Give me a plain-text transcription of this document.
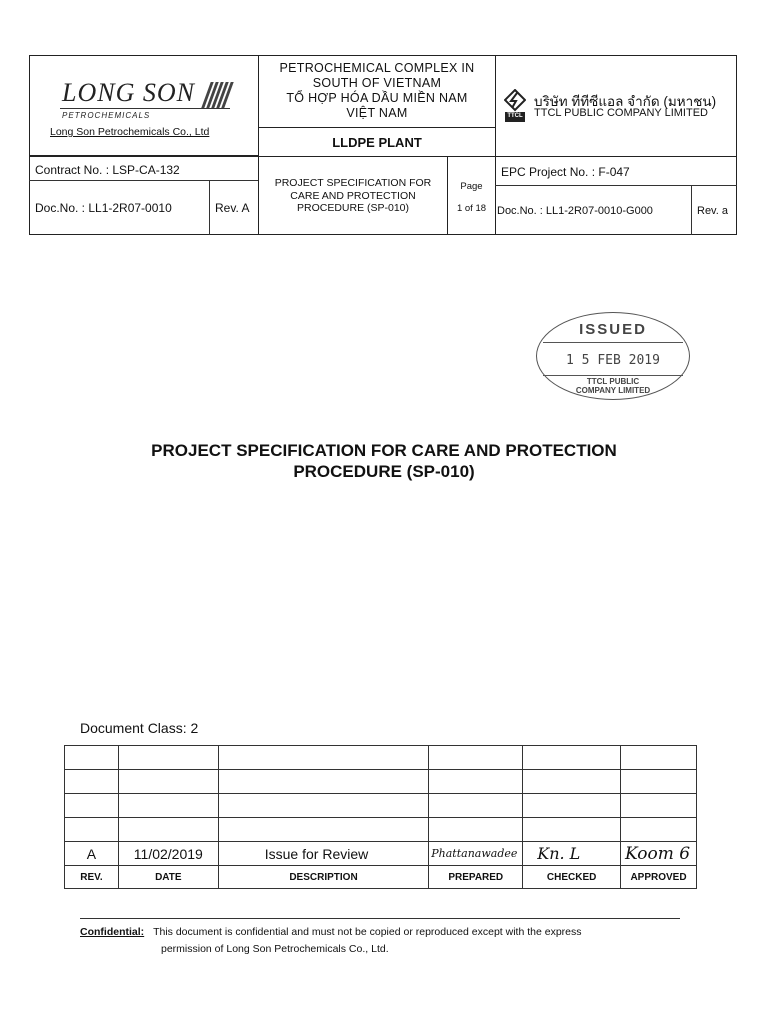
LONG SON
PETROCHEMICALS
Long Son Petrochemicals Co., Ltd
PETROCHEMICAL COMPLEX IN
SOUTH OF VIETNAM
TỔ HỢP HÓA DẦU MIỀN NAM
VIỆT NAM
LLDPE PLANT
TTCL
บริษัท ทีทีซีแอล จำกัด (มหาชน)
TTCL PUBLIC COMPANY LIMITED
Contract No. : LSP-CA-132
Doc.No. : LL1-2R07-0010	Rev. A
PROJECT SPECIFICATION FOR
CARE AND PROTECTION
PROCEDURE (SP-010)
Page
1 of 18
EPC Project No. : F-047
Doc.No. : LL1-2R07-0010-G000	Rev. a
ISSUED
1 5 FEB 2019
TTCL PUBLIC
COMPANY LIMITED
PROJECT SPECIFICATION FOR CARE AND PROTECTION
PROCEDURE (SP-010)
Document Class: 2

A	11/02/2019	Issue for Review	Phattanawadee	Kn. L	Koom 6
REV.	DATE	DESCRIPTION	PREPARED	CHECKED	APPROVED
Confidential: This document is confidential and must not be copied or reproduced except with the express
permission of Long Son Petrochemicals Co., Ltd.
